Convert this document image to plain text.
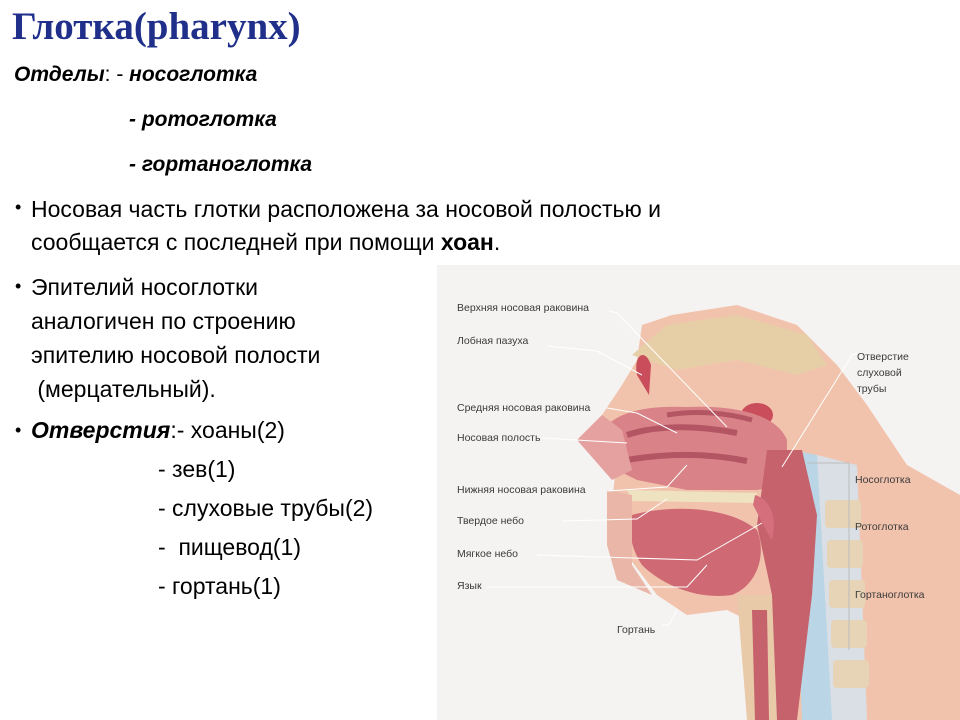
Глотка(pharynx)
Отделы: - носоглотка
- ротоглотка
- гортаноглотка
• Носовая часть глотки расположена за носовой полостью и
сообщается с последней при помощи хоан.
• Эпителий носоглотки
аналогичен по строению
эпителию носовой полости
(мерцательный).
• Отверстия:- хоаны(2)
- зев(1)
- слуховые трубы(2)
-  пищевод(1)
- гортань(1)
Верхняя носовая раковина
Лобная пазуха
Средняя носовая раковина
Носовая полость
Нижняя носовая раковина
Твердое небо
Мягкое небо
Язык
Гортань
Отверстие
слуховой
трубы
Носоглотка
Ротоглотка
Гортаноглотка
